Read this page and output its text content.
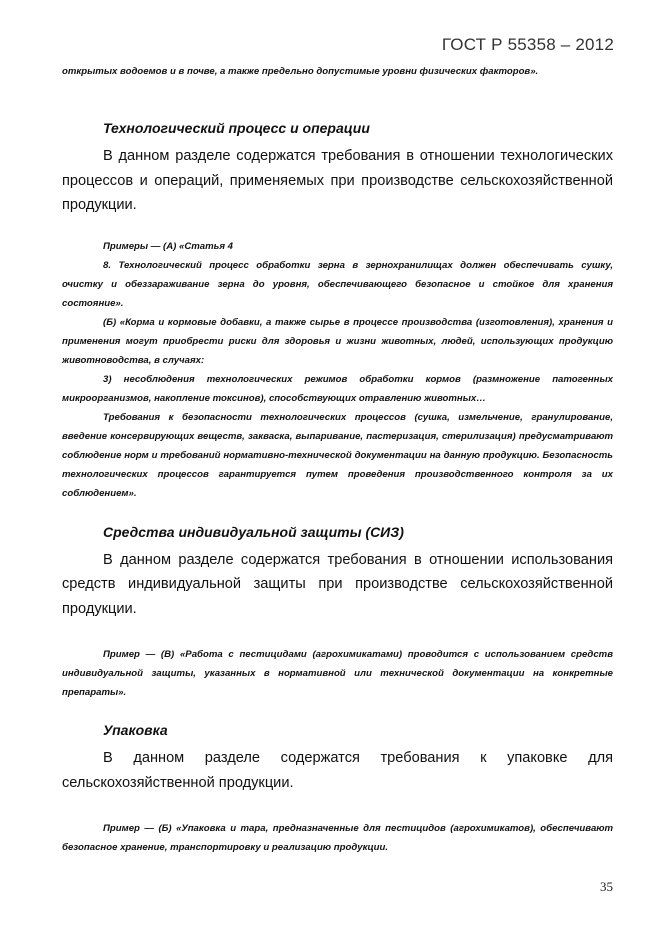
ГОСТ Р 55358 – 2012

открытых водоемов и в почве, а также предельно допустимые уровни физических факторов».

Технологический процесс и операции

В данном разделе содержатся требования в отношении технологических процессов и операций, применяемых при производстве сельскохозяйственной продукции.

Примеры — (А) «Статья 4

8. Технологический процесс обработки зерна в зернохранилищах должен обеспечивать сушку, очистку и обеззараживание зерна до уровня, обеспечивающего безопасное и стойкое для хранения состояние».

(Б) «Корма и кормовые добавки, а также сырье в процессе производства (изготовления), хранения и применения могут приобрести риски для здоровья и жизни животных, людей, использующих продукцию животноводства, в случаях:

3) несоблюдения технологических режимов обработки кормов (размножение патогенных микроорганизмов, накопление токсинов), способствующих отравлению животных…

Требования к безопасности технологических процессов (сушка, измельчение, гранулирование, введение консервирующих веществ, закваска, выпаривание, пастеризация, стерилизация) предусматривают соблюдение норм и требований нормативно-технической документации на данную продукцию. Безопасность технологических процессов гарантируется путем проведения производственного контроля за их соблюдением».

Средства индивидуальной защиты (СИЗ)

В данном разделе содержатся требования в отношении использования средств индивидуальной защиты при производстве сельскохозяйственной продукции.

Пример — (В) «Работа с пестицидами (агрохимикатами) проводится с использованием средств индивидуальной защиты, указанных в нормативной или технической документации на конкретные препараты».

Упаковка

В данном разделе содержатся требования к упаковке для сельскохозяйственной продукции.

Пример — (Б) «Упаковка и тара, предназначенные для пестицидов (агрохимикатов), обеспечивают безопасное хранение, транспортировку и реализацию продукции.

35
